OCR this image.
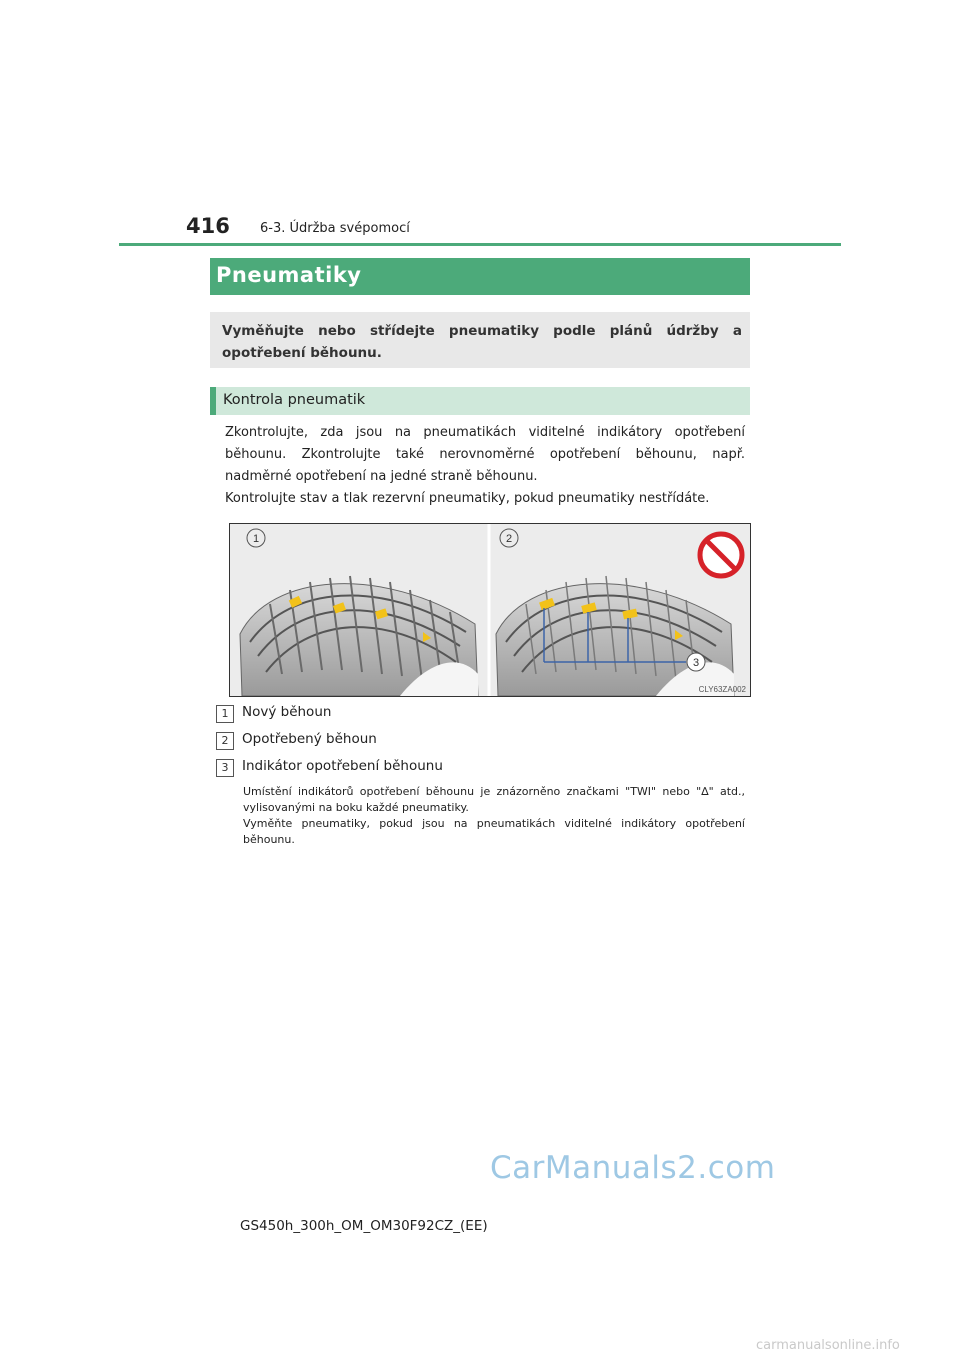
416 6-3. Údržba svépomocí
Pneumatiky

Vyměňujte nebo střídejte pneumatiky podle plánů údržby a opotřebení běhounu.

Kontrola pneumatik

Zkontrolujte, zda jsou na pneumatikách viditelné indikátory opotřebení běhounu. Zkontrolujte také nerovnoměrné opotřebení běhounu, např. nadměrné opotřebení na jedné straně běhounu.

Kontrolujte stav a tlak rezervní pneumatiky, pokud pneumatiky nestřídáte.

1	2
3
CLY63ZA002
1	Nový běhoun
2	Opotřebený běhoun
3	Indikátor opotřebení běhounu

Umístění indikátorů opotřebení běhounu je znázorněno značkami "TWI" nebo "∆" atd., vylisovanými na boku každé pneumatiky.

Vyměňte pneumatiky, pokud jsou na pneumatikách viditelné indikátory opotřebení běhounu.

CarManuals2.com
GS450h_300h_OM_OM30F92CZ_(EE)
carmanualsonline.info
